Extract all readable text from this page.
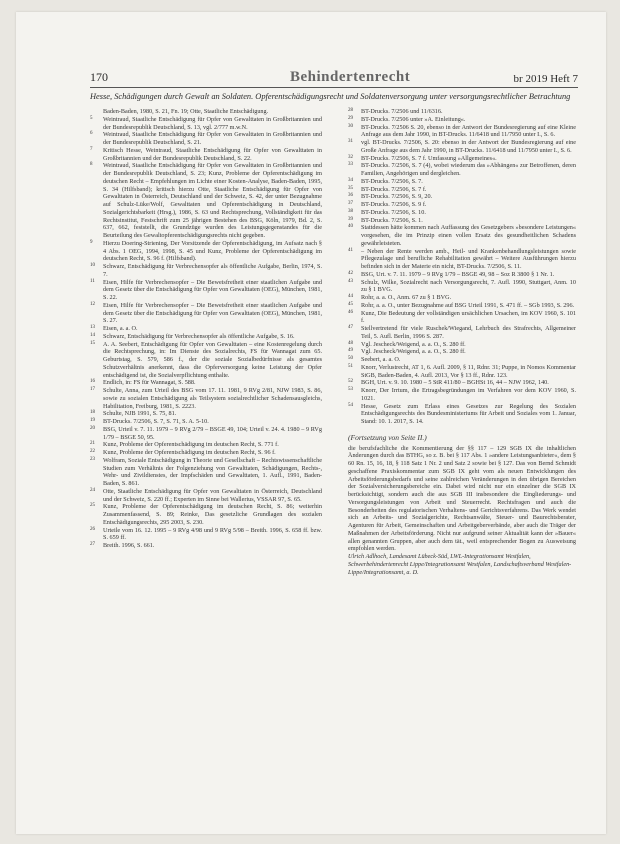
170	Behindertenrecht	br 2019 Heft 7
Hesse, Schädigungen durch Gewalt an Soldaten. Opferentschädigungsrecht und Soldatenversorgung unter versorgungsrechtlicher Betrachtung

Baden-Baden, 1980, S. 21, Fn. 19; Otte, Staatliche Entschädigung.

5 Weintraud, Staatliche Entschädigung für Opfer von Gewalttaten in Großbritannien und der Bundesrepublik Deutschland, S. 13, vgl. 2/777 m.w.N.

6 Weintraud, Staatliche Entschädigung für Opfer von Gewalttaten in Großbritannien und der Bundesrepublik Deutschland, S. 21.

7 Kritisch Hesse, Weintraud, Staatliche Entschädigung für Opfer von Gewalttaten in Großbritannien und der Bundesrepublik Deutschland, S. 22.

8 Weintraud, Staatliche Entschädigung für Opfer von Gewalttaten in Großbritannien und der Bundesrepublik Deutschland, S. 23; Kunz, Probleme der Opferentschädigung im deutschen Recht – Empfehlungen im Lichte einer Kosten-Analyse, Baden-Baden, 1995, S. 34 (Hilfsband); kritisch hierzu Otte, Staatliche Entschädigung für Opfer von Gewalttaten in Österreich, Deutschland und der Schweiz, S. 42, der unter Bezugnahme auf Schulz-Lüke/Wolf, Gewalttaten und Opferentschädigung in Deutschland, Sozialgerichtsbarkeit (Hrsg.), 1986, S. 63 und Rechtsprechung, Vollständigkeit für das Rechtsinstitut, Festschrift zum 25 jährigen Bestehen des BSG, Köln, 1979, Bd. 2, S. 637, 662, feststellt, die Grundzüge wurden des Leistungsgegenstandes für die Beurteilung des Gewaltopferentschädigungsrechts nicht gegeben.

9 Hierzu Doering-Striening, Der Vorsitzende der Opferentschädigung, im Aufsatz nach § 4 Abs. 1 OEG, 1994, 1998, S. 45 und Kunz, Probleme der Opferentschädigung im deutschen Recht, S. 96 f. (Hilfsband).

10 Schwarz, Entschädigung für Verbrechensopfer als öffentliche Aufgabe, Berlin, 1974, S. 7.

11 Eisen, Hilfe für Verbrechensopfer – Die Beweisfreiheit einer staatlichen Aufgabe und dem Gesetz über die Entschädigung für Opfer von Gewalttaten (OEG), München, 1981, S. 22.

12 Eisen, Hilfe für Verbrechensopfer – Die Beweisfreiheit einer staatlichen Aufgabe und dem Gesetz über die Entschädigung für Opfer von Gewalttaten (OEG), München, 1981, S. 27.

13 Eisen, a. a. O.

14 Schwarz, Entschädigung für Verbrechensopfer als öffentliche Aufgabe, S. 16.

15 A. A. Seebert, Entschädigung für Opfer von Gewalttaten – eine Kostenregelung durch die Rechtsprechung, in: Im Dienste des Sozialrechts, FS für Wannagat zum 65. Geburtstag, S. 579, 586 f., der die soziale Sozialbedürfnisse als gesamtes Schutzverhältnis anerkennt, dass die Opferversorgung keine Leistung der Opfer entschädigend ist, die Sozialverpflichtung enthalte.

16 Endlich, in: FS für Wannagat, S. 588.

17 Schulte, Anna, zum Urteil des BSG vom 17. 11. 1981, 9 RVg 2/81, NJW 1983, S. 86, sowie zu sozialen Entschädigung als Teilsystem sozialrechtlicher Schadensausgleichs, Habilitation, Freiburg, 1981, S. 2223.

18 Schulte, NJB 1991, S. 75, 81.

19 BT-Drucks. 7/2506, S. 7, S. 71, S. A. 5-10.

20 BSG, Urteil v. 7. 11. 1979 – 9 RVg 2/79 – BSGE 49, 104; Urteil v. 24. 4. 1980 – 9 RVg 1/79 – BSGE 50, 95.

21 Kunz, Probleme der Opferentschädigung im deutschen Recht, S. 771 f.

22 Kunz, Probleme der Opferentschädigung im deutschen Recht, S. 96 f.

23 Wolfram, Soziale Entschädigung in Theorie und Gesellschaft – Rechtswissenschaftliche Studien zum Verhältnis der Folgenziehung von Gewalttaten, Schädigungen, Rechts-, Wehr- und Zivildienstes, der Impfschäden und Gewalttaten, 1. Aufl., 1991, Baden-Baden, S. 861.

24 Otte, Staatliche Entschädigung für Opfer von Gewalttaten in Österreich, Deutschland und der Schweiz, S. 220 ff.; Experten im Sinne bei Wallerius, VSSAR 97, S. 65.

25 Kunz, Probleme der Opferentschädigung im deutschen Recht, S. 86; weiterhin Zusammenfassend, S. 89; Reinke, Das gesetzliche Grundlagen des sozialen Entschädigungsrechts, 295 2003, S. 230.

26 Urteile vom 16. 12. 1995 – 9 RVg 4/98 und 9 RVg 5/98 – Breith. 1996, S. 658 ff. bzw. S. 659 ff.

27 Breith. 1996, S. 661.

28 BT-Drucks. 7/2506 und 11/6316.

29 BT-Drucks. 7/2506 unter »A. Einleitung«.

30 BT-Drucks. 7/2506 S. 20, ebenso in der Antwort der Bundesregierung auf eine Kleine Anfrage aus dem Jahr 1990, in BT-Drucks. 11/6418 und 11/7950 unter I., S. 6.

31 vgl. BT-Drucks. 7/2506, S. 20: ebenso in der Antwort der Bundesregierung auf eine Große Anfrage aus dem Jahr 1990, in BT-Drucks. 11/6418 und 11/7950 unter I., S. 6.

32 BT-Drucks. 7/2506, S. 7 f. Umfassung »Allgemeines«.

33 BT-Drucks. 7/2506, S. 7 (4), wobei wiederum das »Abhängen« zur Betroffenen, deren Familien, Angehörigen und dergleichen.

34 BT-Drucks. 7/2506, S. 7.

35 BT-Drucks. 7/2506, S. 7 f.

36 BT-Drucks. 7/2506, S. 9, 20.

37 BT-Drucks. 7/2506, S. 9 f.

38 BT-Drucks. 7/2506, S. 10.

39 BT-Drucks. 7/2506, S. 1.

40 Stattdessen hätte kommen nach Auffassung des Gesetzgebers »besondere Leistungen« vorgesehen, die im Prinzip einen vollen Ersatz des gesundheitlichen Schadens gewährleisteten.

41 – Neben der Rente werden amb., Heil- und Krankenbehandlungsleistungen sowie Pflegezulage und berufliche Rehabilitation gewährt – Weitere Ausführungen hierzu befinden sich in der Materie ein nicht, BT-Drucks. 7/2506, S. 11.

42 BSG, Urt. v. 7. 11. 1979 – 9 RVg 1/79 – BSGE 49, 98 – Soz R 3800 § 1 Nr. 1.

43 Schulz, Wilke, Sozialrecht nach Versorgungsrecht, 7. Aufl. 1990, Stuttgart, Anm. 10 zu § 1 BVG.

44 Rohr, a. a. O., Anm. 67 zu § 1 BVG.

45 Rohr, a. a. O., unter Bezugnahme auf BSG Urteil 1991, S. 471 ff. – SGb 1993, S. 296.

46 Kunz, Die Bedeutung der vollständigen ursächlichen Ursachen, im KOV 1960, S. 101 f.

47 Stellvertretend für viele Ruschek/Wiegand, Lehrbuch des Strafrechts, Allgemeiner Teil, 5. Aufl. Berlin, 1996 S. 287.

48 Vgl. Jescheck/Weigend, a. a. O., S. 280 ff.

49 Vgl. Jescheck/Weigend, a. a. O., S. 280 ff.

50 Seebert, a. a. O.

51 Knorr, Verlustrecht, AT 1, 6. Aufl. 2009, § 11, Rdnr. 31; Puppe, in Nomos Kommentar StGB, Baden-Baden, 4. Aufl. 2013, Vor § 13 ff., Rdnr. 123.

52 BGH, Urt. v. 9. 10. 1980 – 5 StR 411/80 – BGHSt 16, 44 – NJW 1962, 140.

53 Knorr, Der Irrtum, die Ertragsbegründungen im Verfahren vor dem KOV 1960, S. 1021.

54 Hesse, Gesetz zum Erlass eines Gesetzes zur Regelung des Sozialen Entschädigungsrechts des Bundesministeriums für Arbeit und Soziales vom 1. Januar, Stand: 10. 1. 2017, S. 14.

(Fortsetzung von Seite II.)
die berufsfachliche die Kommentierung der §§ 117 – 129 SGB IX die inhaltlichen Änderungen durch das BTHG, so z. B. bei § 117 Abs. 1 »andere Leistungsanbieter«, dem § 60 Rn. 15, 16, 18, § 118 Satz 1 Nr. 2 und Satz 2 sowie bei § 127. Das von Bernd Schmidt geschaffene Praxiskommentar zum SGB IX geht vom als neuen Entwicklungen des Arbeitsförderungsbedarfs und seine zahlreichen Veränderungen in den übrigen Bereichen der Sozialversicherungsbereiche ein. Dabei wird nicht nur ein einzelner die SGB IX berücksichtigt, sondern auch die aus SGB III insbesondere die Eingliederungs- und Versorgungsleistungen von Arbeit und Steuerrecht. Rechtsfragen und auch die Besonderheiten des regulatorischen Verhaltens- und Gerichtsverfahrens. Das Werk wendet sich an Arbeits- und Sozialgerichte, Rechtsanwälte, Steuer- und Baurechtsberater, Agenturen für Arbeit, Gemeinschaften und Arbeitgeberverbände, aber auch die Träger der Maßnahmen der Arbeitsförderung. Nicht nur aufgrund seiner Aktualität kann der »Bauer« allen genannten Gruppen, aber auch dem tät., weil entsprechender Bogen zu Ausweisung empfohlen werden.
Ulrich Adlhoch, Landesamt Lübeck-Süd, LWL-Integrationsamt Westfalen, Schwerbehindertenrecht Lippe/Integrationsamt Westfalen, Landschaftsverband Westfalen-Lippe/Integrationsamt, a. D.
